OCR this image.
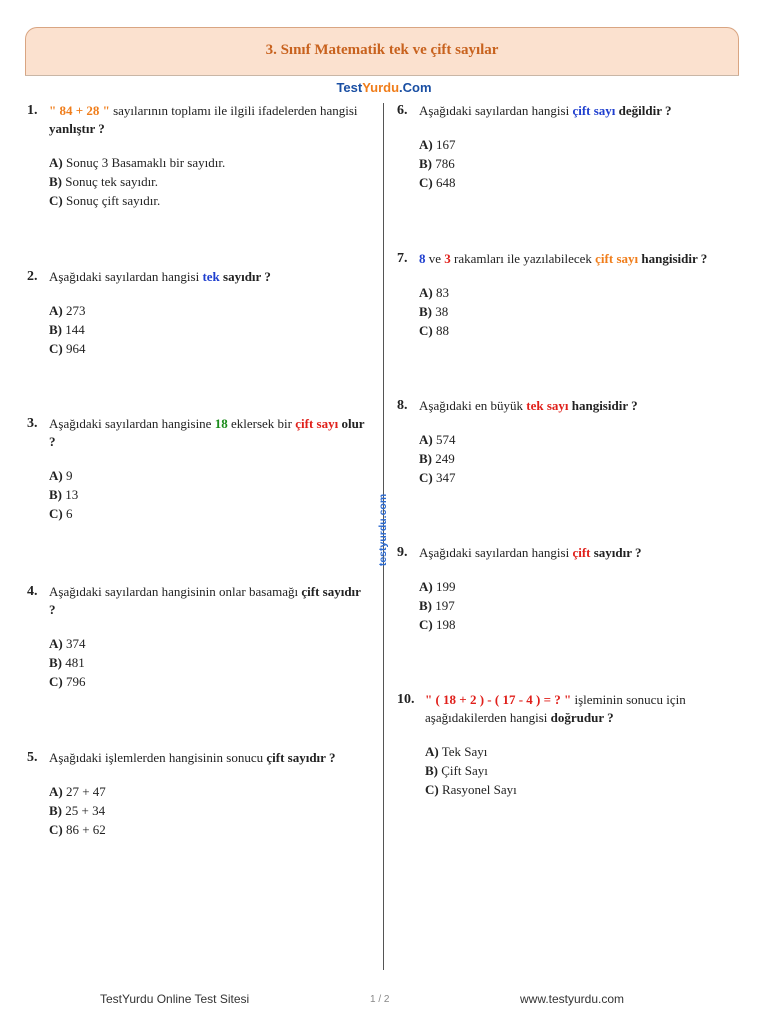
3. Sınıf Matematik tek ve çift sayılar
TestYurdu.Com
testyurdu.com
1. " 84 + 28 " sayılarının toplamı ile ilgili ifadelerden hangisi yanlıştır ?
A) Sonuç 3 Basamaklı bir sayıdır.
B) Sonuç tek sayıdır.
C) Sonuç çift sayıdır.
2. Aşağıdaki sayılardan hangisi tek sayıdır ?
A) 273
B) 144
C) 964
3. Aşağıdaki sayılardan hangisine 18 eklersek bir çift sayı olur ?
A) 9
B) 13
C) 6
4. Aşağıdaki sayılardan hangisinin onlar basamağı çift sayıdır ?
A) 374
B) 481
C) 796
5. Aşağıdaki işlemlerden hangisinin sonucu çift sayıdır ?
A) 27 + 47
B) 25 + 34
C) 86 + 62
6. Aşağıdaki sayılardan hangisi çift sayı değildir ?
A) 167
B) 786
C) 648
7. 8 ve 3 rakamları ile yazılabilecek çift sayı hangisidir ?
A) 83
B) 38
C) 88
8. Aşağıdaki en büyük tek sayı hangisidir ?
A) 574
B) 249
C) 347
9. Aşağıdaki sayılardan hangisi çift sayıdır ?
A) 199
B) 197
C) 198
10. " ( 18 + 2 ) - ( 17 - 4 ) = ? " işleminin sonucu için aşağıdakilerden hangisi doğrudur ?
A) Tek Sayı
B) Çift Sayı
C) Rasyonel Sayı
TestYurdu Online Test Sitesi	1 / 2	www.testyurdu.com
